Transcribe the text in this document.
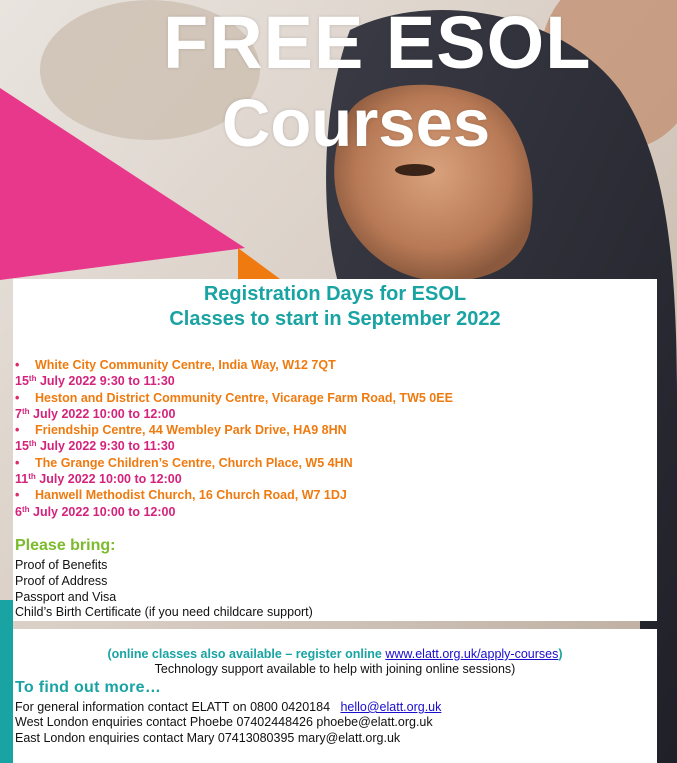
FREE ESOL
Courses

Registration Days for ESOL

Classes to start in September 2022

• White City Community Centre, India Way, W12 7QT
15th July 2022 9:30 to 11:30
• Heston and District Community Centre, Vicarage Farm Road, TW5 0EE
7th July 2022 10:00 to 12:00
• Friendship Centre, 44 Wembley Park Drive, HA9 8HN
15th July 2022 9:30 to 11:30
• The Grange Children’s Centre, Church Place, W5 4HN
11th July 2022 10:00 to 12:00
• Hanwell Methodist Church, 16 Church Road, W7 1DJ
6th July 2022 10:00 to 12:00
Please bring:
Proof of Benefits
Proof of Address
Passport and Visa
Child’s Birth Certificate (if you need childcare support)
(online classes also available – register online www.elatt.org.uk/apply-courses)
Technology support available to help with joining online sessions)
To find out more…
For general information contact ELATT on 0800 0420184 hello@elatt.org.uk
West London enquiries contact Phoebe 07402448426 phoebe@elatt.org.uk
East London enquiries contact Mary 07413080395 mary@elatt.org.uk
